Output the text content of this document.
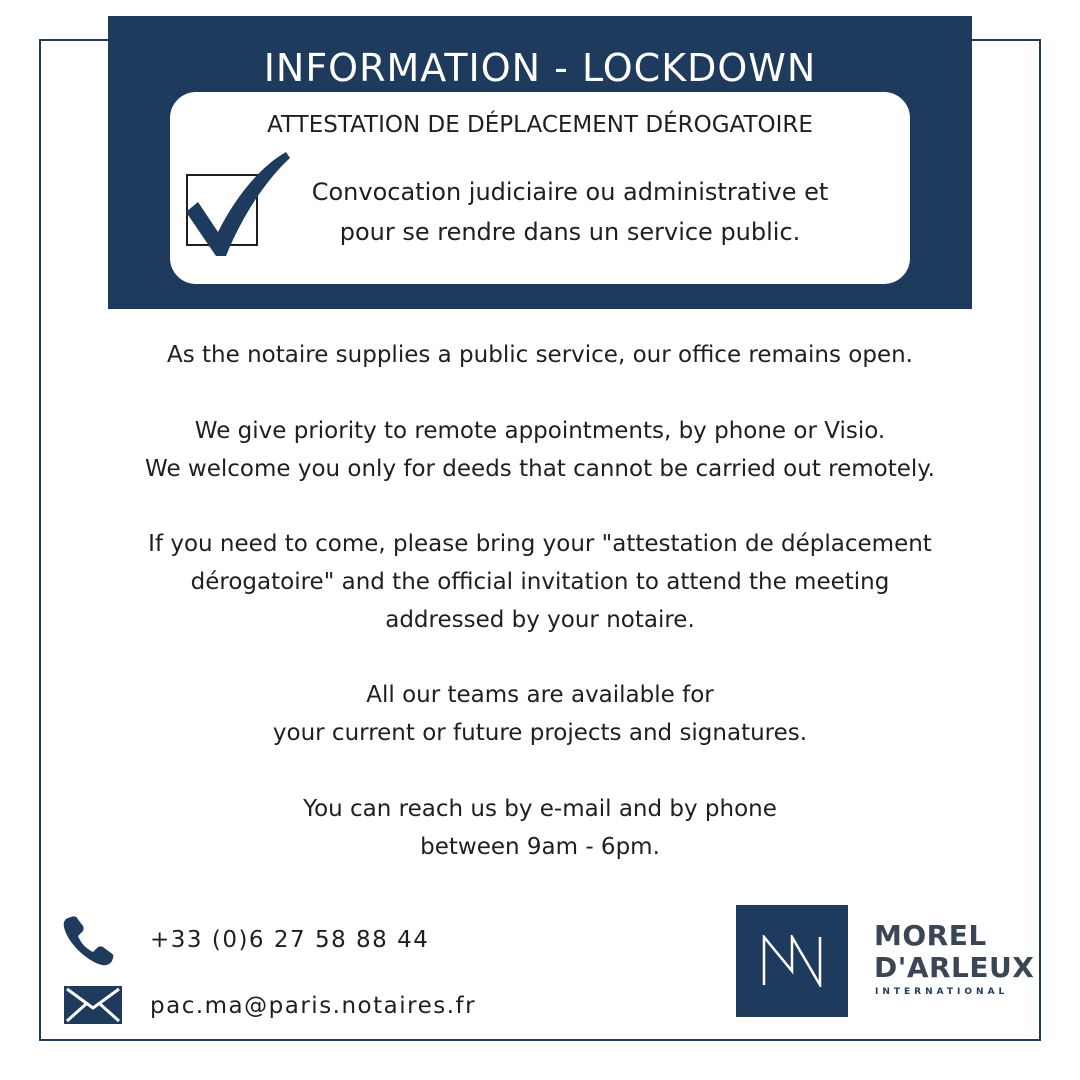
INFORMATION - LOCKDOWN
ATTESTATION DE DÉPLACEMENT DÉROGATOIRE
Convocation judiciaire ou administrative et
pour se rendre dans un service public.

As the notaire supplies a public service, our office remains open.

We give priority to remote appointments, by phone or Visio.

We welcome you only for deeds that cannot be carried out remotely.

If you need to come, please bring your "attestation de déplacement

dérogatoire" and the official invitation to attend the meeting

addressed by your notaire.

All our teams are available for

your current or future projects and signatures.

You can reach us by e-mail and by phone

between 9am - 6pm.

+33 (0)6 27 58 88 44
pac.ma@paris.notaires.fr
MOREL
D'ARLEUX
INTERNATIONAL
